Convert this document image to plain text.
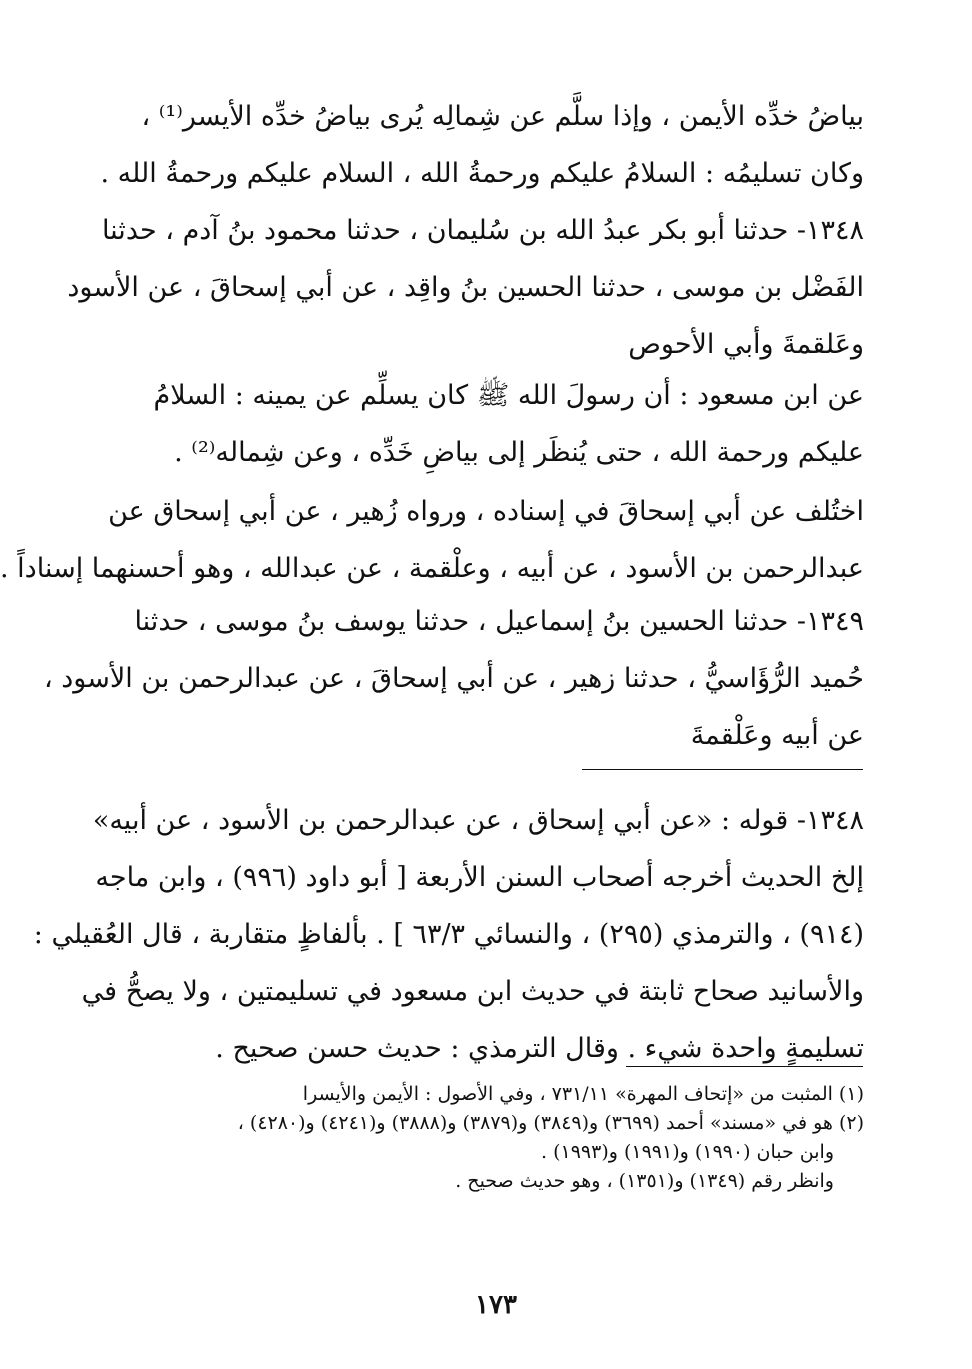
بياضُ خدِّه الأيمن ، وإذا سلَّم عن شِمالِه يُرى بياضُ خدِّه الأيسر⁽¹⁾ ،
وكان تسليمُه : السلامُ عليكم ورحمةُ الله ، السلام عليكم ورحمةُ الله .

١٣٤٨- حدثنا أبو بكر عبدُ الله بن سُليمان ، حدثنا محمود بنُ آدم ، حدثنا
الفَضْل بن موسى ، حدثنا الحسين بنُ واقِد ، عن أبي إسحاقَ ، عن الأسود
وعَلقمةَ وأبي الأحوص

عن ابن مسعود : أن رسولَ الله ﷺ كان يسلِّم عن يمينه : السلامُ
عليكم ورحمة الله ، حتى يُنظَر إلى بياضِ خَدِّه ، وعن شِماله⁽²⁾ .

اختُلف عن أبي إسحاقَ في إسناده ، ورواه زُهير ، عن أبي إسحاق عن
عبدالرحمن بن الأسود ، عن أبيه ، وعلْقمة ، عن عبدالله ، وهو أحسنهما إسناداً .

١٣٤٩- حدثنا الحسين بنُ إسماعيل ، حدثنا يوسف بنُ موسى ، حدثنا
حُميد الرُّؤَاسيُّ ، حدثنا زهير ، عن أبي إسحاقَ ، عن عبدالرحمن بن الأسود ،
عن أبيه وعَلْقمةَ

١٣٤٨- قوله : «عن أبي إسحاق ، عن عبدالرحمن بن الأسود ، عن أبيه»
إلخ الحديث أخرجه أصحاب السنن الأربعة [ أبو داود (٩٩٦) ، وابن ماجه
(٩١٤) ، والترمذي (٢٩٥) ، والنسائي ٦٣/٣ ] . بألفاظٍ متقاربة ، قال العُقيلي :
والأسانيد صحاح ثابتة في حديث ابن مسعود في تسليمتين ، ولا يصحُّ في
تسليمةٍ واحدة شيء . وقال الترمذي : حديث حسن صحيح .

(١) المثبت من «إتحاف المهرة» ٧٣١/١١ ، وفي الأصول : الأيمن والأيسرا
(٢) هو في «مسند» أحمد (٣٦٩٩) و(٣٨٤٩) و(٣٨٧٩) و(٣٨٨٨) و(٤٢٤١) و(٤٢٨٠) ،
وابن حبان (١٩٩٠) و(١٩٩١) و(١٩٩٣) .
وانظر رقم (١٣٤٩) و(١٣٥١) ، وهو حديث صحيح .
١٧٣
